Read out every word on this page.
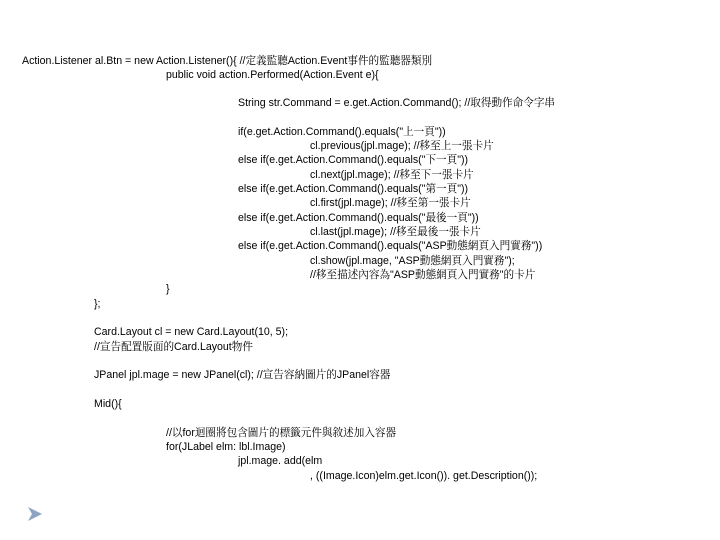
Action.Listener al.Btn = new Action.Listener(){ //定義監聽Action.Event事件的監聽器類別
public void action.Performed(Action.Event e){
String str.Command = e.get.Action.Command(); //取得動作命令字串
if(e.get.Action.Command().equals("上一頁"))
cl.previous(jpl.mage); //移至上一張卡片
else if(e.get.Action.Command().equals("下一頁"))
cl.next(jpl.mage); //移至下一張卡片
else if(e.get.Action.Command().equals("第一頁"))
cl.first(jpl.mage); //移至第一張卡片
else if(e.get.Action.Command().equals("最後一頁"))
cl.last(jpl.mage); //移至最後一張卡片
else if(e.get.Action.Command().equals("ASP動態網頁入門實務"))
cl.show(jpl.mage, "ASP動態網頁入門實務");
//移至描述內容為"ASP動態網頁入門實務"的卡片
}
};
Card.Layout cl = new Card.Layout(10, 5);
//宣告配置版面的Card.Layout物件
JPanel jpl.mage = new JPanel(cl); //宣告容納圖片的JPanel容器
Mid(){
//以for迴圈將包含圖片的標籤元件與敘述加入容器
for(JLabel elm: lbl.Image)
jpl.mage. add(elm
, ((Image.Icon)elm.get.Icon()). get.Description());
